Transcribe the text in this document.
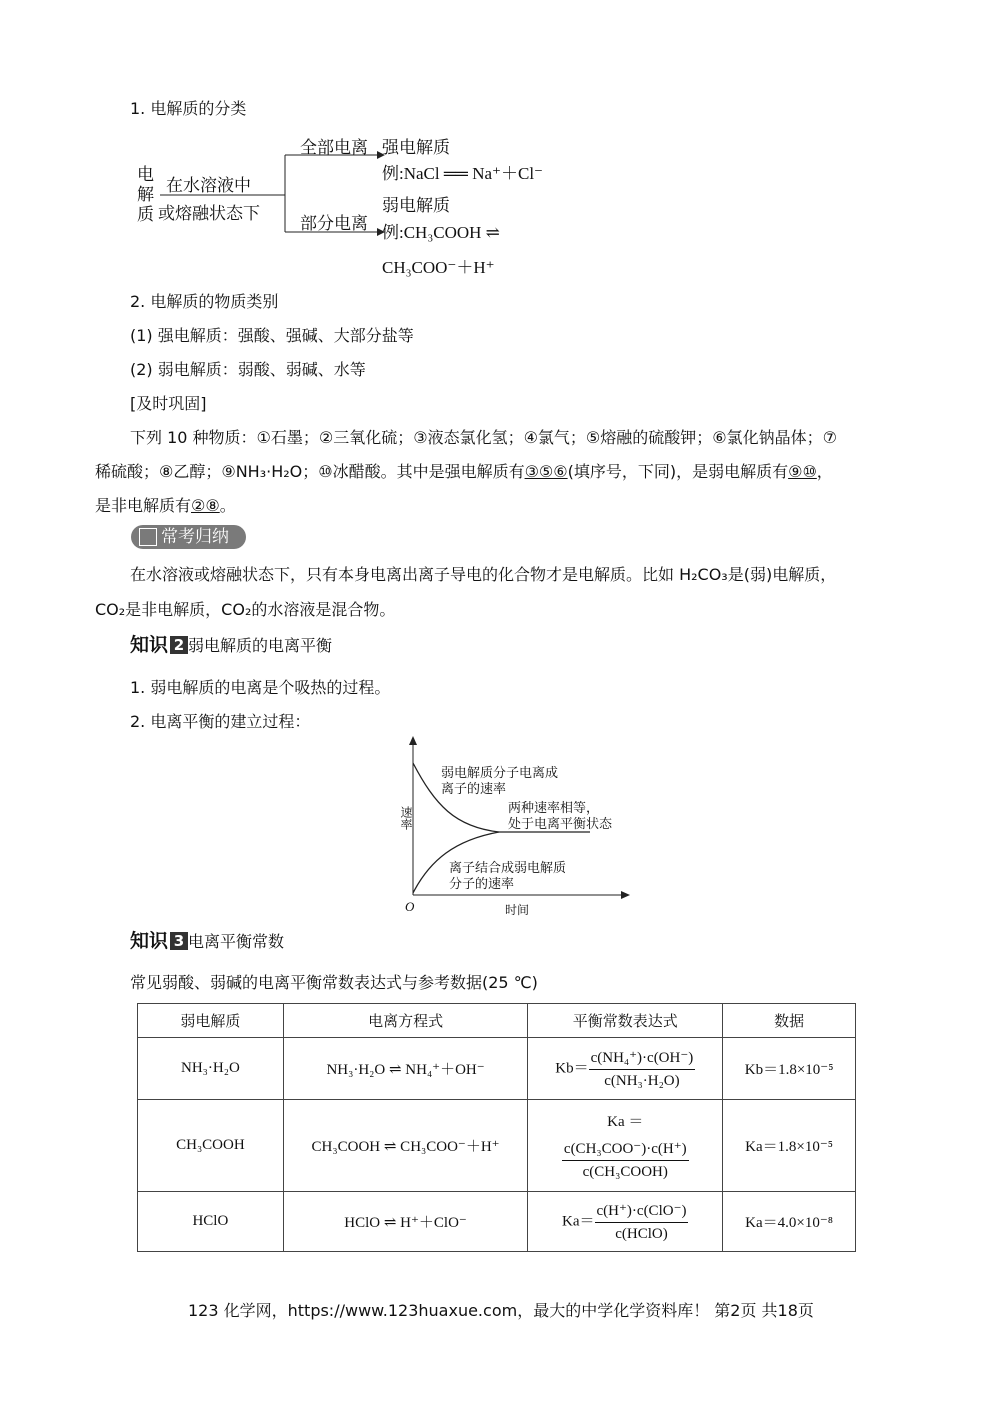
1. 电解质的分类
电
解
质
在水溶液中
或熔融状态下
全部电离
部分电离
强电解质
例:NaCl ══ Na⁺＋Cl⁻
弱电解质
例:CH₃COOH ⇌
CH₃COO⁻＋H⁺
2. 电解质的物质类别
(1) 强电解质：强酸、强碱、大部分盐等
(2) 弱电解质：弱酸、弱碱、水等
[及时巩固]
下列 10 种物质：①石墨；②三氧化硫；③液态氯化氢；④氯气；⑤熔融的硫酸钾；⑥氯化钠晶体；⑦
稀硫酸；⑧乙醇；⑨NH₃·H₂O；⑩冰醋酸。其中是强电解质有③⑤⑥(填序号，下同)，是弱电解质有⑨⑩，
是非电解质有②⑧。
常考归纳
在水溶液或熔融状态下，只有本身电离出离子导电的化合物才是电解质。比如 H₂CO₃是(弱)电解质，
CO₂是非电解质，CO₂的水溶液是混合物。
知识 2 弱电解质的电离平衡
1. 弱电解质的电离是个吸热的过程。
2. 电离平衡的建立过程：
速率
时间
O
弱电解质分子电离成
离子的速率
两种速率相等，
处于电离平衡状态
离子结合成弱电解质
分子的速率
知识 3 电离平衡常数
常见弱酸、弱碱的电离平衡常数表达式与参考数据(25 ℃)
弱电解质	电离方程式	平衡常数表达式	数据
NH₃·H₂O	NH₃·H₂O ⇌ NH₄⁺＋OH⁻	$Kb= \frac{\text{c(NH₄⁺)·c(OH⁻)}}{\text{c(NH₃·H₂O)}}$	Kb＝1.8×10⁻⁵
CH₃COOH	CH₃COOH ⇌ CH₃COO⁻＋H⁺	Ka ＝
$\frac{\text{c(CH₃COO⁻)·c(H⁺)}}{\text{c(CH₃COOH)}}$	Ka＝1.8×10⁻⁵
HClO	HClO ⇌ H⁺＋ClO⁻	$Ka= \frac{\text{c(H⁺)·c(ClO⁻)}}{\text{c(HClO)}}$	Ka＝4.0×10⁻⁸
123 化学网，https://www.123huaxue.com，最大的中学化学资料库！ 第2页 共18页
